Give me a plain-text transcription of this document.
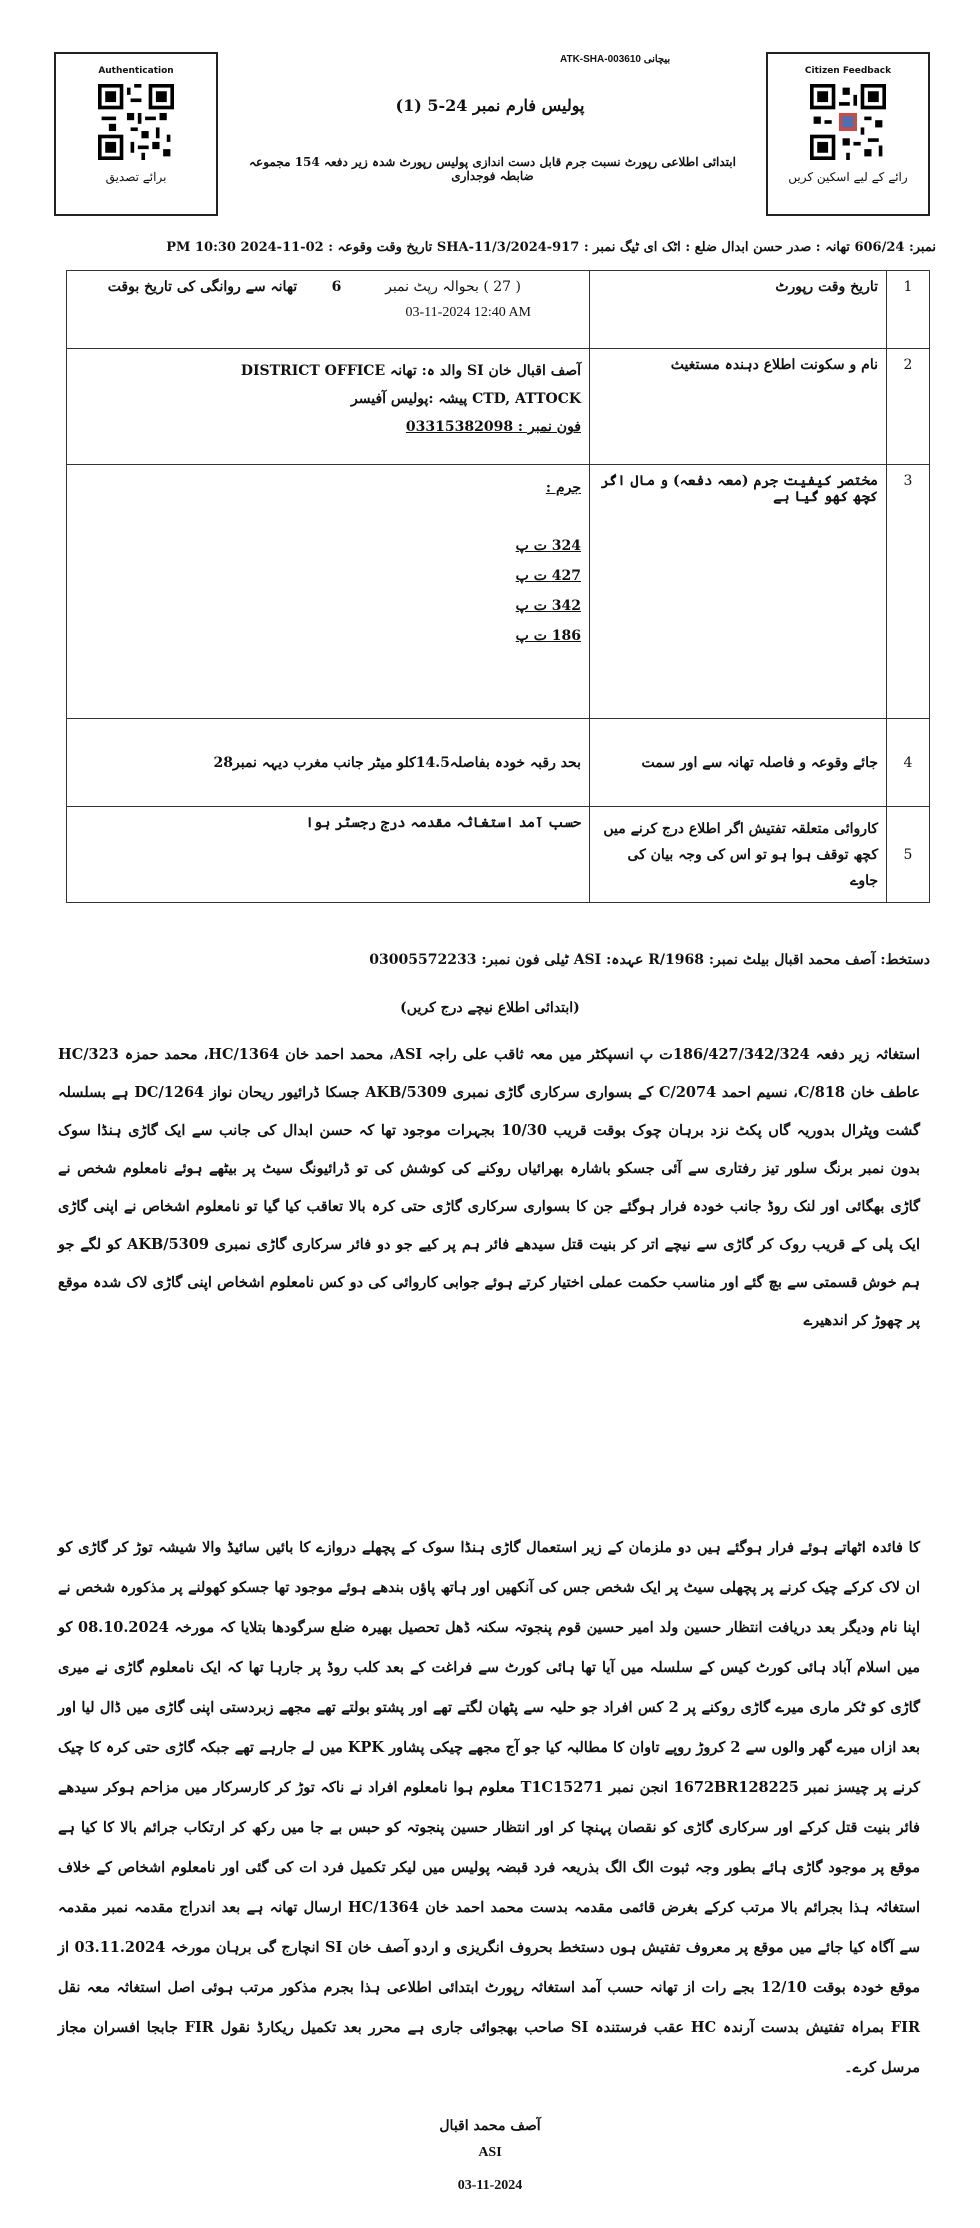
Authentication
برائے تصدیق
Citizen Feedback
رائے کے لیے اسکین کریں
ATK-SHA-003610 بیچانی
پولیس فارم نمبر 24-5 (1)
ابتدائی اطلاعی رپورٹ نسبت جرم قابل دست اندازی پولیس رپورٹ شدہ زیر دفعہ 154 مجموعہ ضابطہ فوجداری
نمبر: 606/24 تھانہ : صدر حسن ابدال ضلع : اٹک ای ٹیگ نمبر : SHA-11/3/2024-917 تاریخ وقت وقوعہ : 02-11-2024 PM 10:30
1	تاریخ وقت رپورٹ	( 27 ) بحوالہ رپٹ نمبر
03-11-2024 12:40 AM	6 تھانہ سے روانگی کی تاریخ بوقت
2	نام و سکونت اطلاع دہندہ مستغیث	آصف اقبال خان SI والد ہ: تھانہ DISTRICT OFFICE
CTD, ATTOCK پیشہ :پولیس آفیسر
فون نمبر : 03315382098	

3	مختصر کیفیت جرم (معہ دفعہ) و مال اگر کچھ کھو گیا ہے	جرم :
324 ت پ
427 ت پ
342 ت پ
186 ت پ	

4	جائے وقوعہ و فاصلہ تھانہ سے اور سمت	بحد رقبہ خودہ بفاصلہ14.5کلو میٹر جانب مغرب دیہہ نمبر28	
5	کاروائی متعلقہ تفتیش اگر اطلاع درج کرنے میں کچھ توقف ہوا ہو تو اس کی وجہ بیان کی جاوے	حسب آمد استغاثہ مقدمہ درج رجسٹر ہوا	
دستخط: آصف محمد اقبال بیلٹ نمبر: R/1968 عہدہ: ASI ٹیلی فون نمبر: 03005572233
(ابتدائی اطلاع نیچے درج کریں)
استغاثہ زیر دفعہ 186/427/342/324ت پ انسپکٹر میں معہ ثاقب علی راجہ ASI، محمد احمد خان HC/1364، محمد حمزہ HC/323 عاطف خان C/818، نسیم احمد C/2074 کے بسواری سرکاری گاڑی نمبری AKB/5309 جسکا ڈرائیور ریحان نواز DC/1264 ہے بسلسلہ گشت وپٹرال بدوریہ گاں پکٹ نزد برہان چوک بوقت قریب 10/30 بجہرات موجود تھا کہ حسن ابدال کی جانب سے ایک گاڑی ہنڈا سوک بدون نمبر برنگ سلور تیز رفتاری سے آئی جسکو باشارہ بھرائیاں روکنے کی کوشش کی تو ڈرائیونگ سیٹ پر بیٹھے ہوئے نامعلوم شخص نے گاڑی بھگائی اور لنک روڈ جانب خودہ فرار ہوگئے جن کا بسواری سرکاری گاڑی حتی کرہ بالا تعاقب کیا گیا تو نامعلوم اشخاص نے اپنی گاڑی ایک پلی کے قریب روک کر گاڑی سے نیچے اتر کر بنیت قتل سیدھے فائر ہم پر کیے جو دو فائر سرکاری گاڑی نمبری AKB/5309 کو لگے جو ہم خوش قسمتی سے بچ گئے اور مناسب حکمت عملی اختیار کرتے ہوئے جوابی کاروائی کی دو کس نامعلوم اشخاص اپنی گاڑی لاک شدہ موقع پر چھوڑ کر اندھیرے
کا فائدہ اٹھاتے ہوئے فرار ہوگئے ہیں دو ملزمان کے زیر استعمال گاڑی ہنڈا سوک کے پچھلے دروازے کا بائیں سائیڈ والا شیشہ توڑ کر گاڑی کو ان لاک کرکے چیک کرنے پر پچھلی سیٹ پر ایک شخص جس کی آنکھیں اور ہاتھ پاؤں بندھے ہوئے موجود تھا جسکو کھولنے پر مذکورہ شخص نے اپنا نام ودیگر بعد دریافت انتظار حسین ولد امیر حسین قوم پنجوتہ سکنہ ڈھل تحصیل بھیرہ ضلع سرگودھا بتلایا کہ مورخہ 08.10.2024 کو میں اسلام آباد ہائی کورٹ کیس کے سلسلہ میں آیا تھا ہائی کورٹ سے فراغت کے بعد کلب روڈ پر جارہا تھا کہ ایک نامعلوم گاڑی نے میری گاڑی کو ٹکر ماری میرے گاڑی روکنے پر 2 کس افراد جو حلیہ سے پٹھان لگتے تھے اور پشتو بولتے تھے مجھے زبردستی اپنی گاڑی میں ڈال لیا اور بعد ازاں میرے گھر والوں سے 2 کروڑ روپے تاوان کا مطالبہ کیا جو آج مجھے چیکی پشاور KPK میں لے جارہے تھے جبکہ گاڑی حتی کرہ کا چیک کرنے پر چیسز نمبر 1672BR128225 انجن نمبر T1C15271 معلوم ہوا نامعلوم افراد نے ناکہ توڑ کر کارسرکار میں مزاحم ہوکر سیدھے فائر بنیت قتل کرکے اور سرکاری گاڑی کو نقصان پہنچا کر اور انتظار حسین پنجوتہ کو حبس بے جا میں رکھ کر ارتکاب جرائم بالا کا کیا ہے موقع پر موجود گاڑی ہائے بطور وجہ ثبوت الگ الگ بذریعہ فرد قبضہ پولیس میں لیکر تکمیل فرد ات کی گئی اور نامعلوم اشخاص کے خلاف استغاثہ ہذا بجرائم بالا مرتب کرکے بغرض قائمی مقدمہ بدست محمد احمد خان HC/1364 ارسال تھانہ ہے بعد اندراج مقدمہ نمبر مقدمہ سے آگاہ کیا جائے میں موقع پر معروف تفتیش ہوں دستخط بحروف انگریزی و اردو آصف خان SI انچارج گی برہان مورخہ 03.11.2024 از موقع خودہ بوقت 12/10 بجے رات از تھانہ حسب آمد استغاثہ رپورٹ ابتدائی اطلاعی ہذا بجرم مذکور مرتب ہوئی اصل استغاثہ معہ نقل FIR بمراہ تفتیش بدست آرندہ HC عقب فرستندہ SI صاحب بھجوائی جاری ہے محرر بعد تکمیل ریکارڈ نقول FIR جابجا افسران مجاز مرسل کرے۔
آصف محمد اقبال
ASI
03-11-2024
